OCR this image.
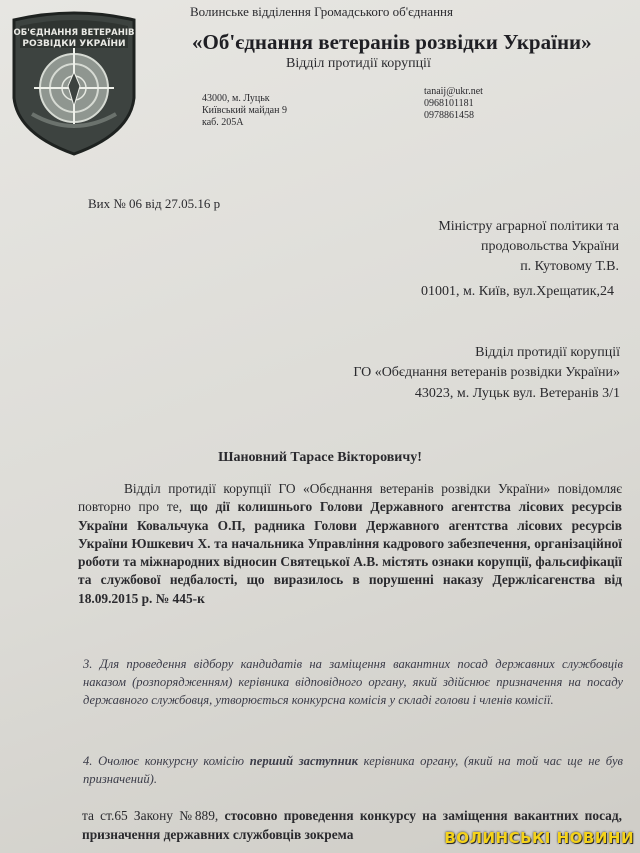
ОБ'ЄДНАННЯ ВЕТЕРАНІВ
РОЗВІДКИ УКРАЇНИ
Волинське відділення Громадського об'єднання
«Об'єднання ветеранів розвідки України»
Відділ протидії корупції
43000, м. Луцьк
Київський майдан 9
каб. 205А
tanaij@ukr.net
0968101181
0978861458
Вих № 06 від 27.05.16 р
Міністру аграрної політики та
продовольства України
п. Кутовому Т.В.
01001, м. Київ, вул.Хрещатик,24
Відділ протидії корупції
ГО «Обєднання ветеранів розвідки України»
43023, м. Луцьк вул. Ветеранів 3/1
Шановний Тарасе Вікторовичу!
Відділ протидії корупції ГО «Обєднання ветеранів розвідки України» повідомляє повторно про те, що дії колишнього Голови Державного агентства лісових ресурсів України Ковальчука О.П, радника Голови Державного агентства лісових ресурсів України Юшкевич Х. та начальника Управління кадрового забезпечення, організаційної роботи та міжнародних відносин Святецької А.В. містять ознаки корупції, фальсифікації та службової недбалості, що виразилось в порушенні наказу Держлісагенства від 18.09.2015 р. № 445-к
3. Для проведення відбору кандидатів на заміщення вакантних посад державних службовців наказом (розпорядженням) керівника відповідного органу, який здійснює призначення на посаду державного службовця, утворюється конкурсна комісія у складі голови і членів комісії.
4. Очолює конкурсну комісію перший заступник керівника органу, (який на той час ще не був призначений).
та ст.65 Закону №889, стосовно проведення конкурсу на заміщення вакантних посад, призначення державних службовців зокрема	ВОЛИНСЬКІ НОВИНИ
